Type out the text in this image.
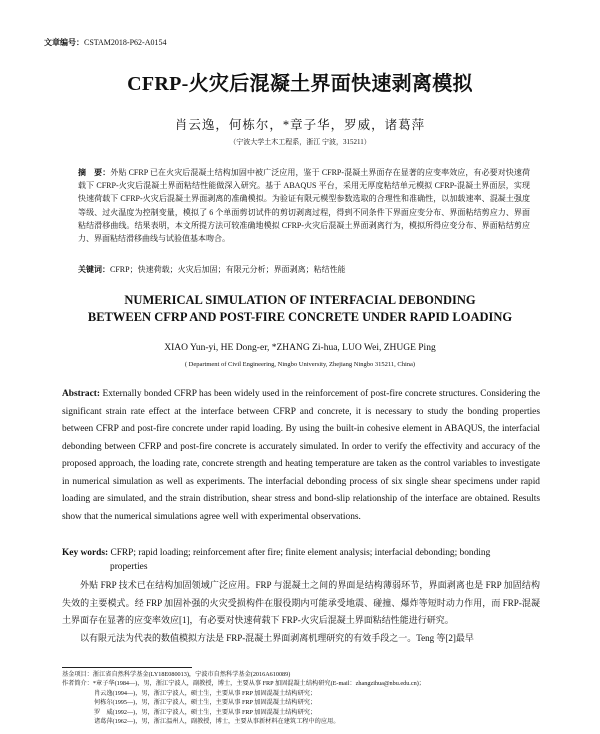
文章编号：CSTAM2018-P62-A0154
CFRP-火灾后混凝土界面快速剥离模拟
肖云逸，何栋尔，*章子华，罗威，诸葛萍
（宁波大学土木工程系，浙江 宁波，315211）
摘　要：外贴 CFRP 已在火灾后混凝土结构加固中被广泛应用，鉴于 CFRP-混凝土界面存在显著的应变率效应，有必要对快速荷载下 CFRP-火灾后混凝土界面粘结性能做深入研究。基于 ABAQUS 平台，采用无厚度粘结单元模拟 CFRP-混凝土界面层，实现快速荷载下 CFRP-火灾后混凝土界面剥离的准确模拟。为验证有限元模型参数选取的合理性和准确性，以加载速率、混凝土强度等级、过火温度为控制变量，模拟了 6 个单面剪切试件的剪切剥离过程，得到不同条件下界面应变分布、界面粘结剪应力、界面粘结滑移曲线。结果表明，本文所提方法可较准确地模拟 CFRP-火灾后混凝土界面剥离行为，模拟所得应变分布、界面粘结剪应力、界面粘结滑移曲线与试验值基本吻合。
关键词：CFRP；快速荷载；火灾后加固；有限元分析；界面剥离；粘结性能
NUMERICAL SIMULATION OF INTERFACIAL DEBONDING
BETWEEN CFRP AND POST-FIRE CONCRETE UNDER RAPID LOADING
XIAO Yun-yi, HE Dong-er, *ZHANG Zi-hua, LUO Wei, ZHUGE Ping
( Department of Civil Engineering, Ningbo University, Zhejiang Ningbo 315211, China)
Abstract: Externally bonded CFRP has been widely used in the reinforcement of post-fire concrete structures. Considering the significant strain rate effect at the interface between CFRP and concrete, it is necessary to study the bonding properties between CFRP and post-fire concrete under rapid loading. By using the built-in cohesive element in ABAQUS, the interfacial debonding between CFRP and post-fire concrete is accurately simulated. In order to verify the effectivity and accuracy of the proposed approach, the loading rate, concrete strength and heating temperature are taken as the control variables to investigate in numerical simulation as well as experiments. The interfacial debonding process of six single shear specimens under rapid loading are simulated, and the strain distribution, shear stress and bond-slip relationship of the interface are obtained. Results show that the numerical simulations agree well with experimental observations.
Key words: CFRP; rapid loading; reinforcement after fire; finite element analysis; interfacial debonding; bonding
properties

外贴 FRP 技术已在结构加固领域广泛应用。FRP 与混凝土之间的界面是结构薄弱环节，界面剥离也是 FRP 加固结构失效的主要模式。经 FRP 加固补强的火灾受损构件在服役期内可能承受地震、碰撞、爆炸等短时动力作用，而 FRP-混凝土界面存在显著的应变率效应[1]，有必要对快速荷载下 FRP-火灾后混凝土界面粘结性能进行研究。

以有限元法为代表的数值模拟方法是 FRP-混凝土界面剥离机理研究的有效手段之一。Teng 等[2]最早

基金项目：浙江省自然科学基金(LY18E080013)，宁波市自然科学基金(2016A610089)
作者简介：*章子华(1984—)，男，浙江宁波人，副教授，博士，主要从事 FRP 加固混凝土结构研究(E-mail：zhangzihua@nbu.edu.cn)；
肖云逸(1994—)，男，浙江宁波人，硕士生，主要从事 FRP 加固混凝土结构研究；
何栋尔(1995—)，男，浙江宁波人，硕士生，主要从事 FRP 加固混凝土结构研究；
罗　威(1992—)，男，浙江宁波人，硕士生，主要从事 FRP 加固混凝土结构研究；
诸葛萍(1962—)，男，浙江温州人，副教授，博士，主要从事新材料在建筑工程中的应用。
